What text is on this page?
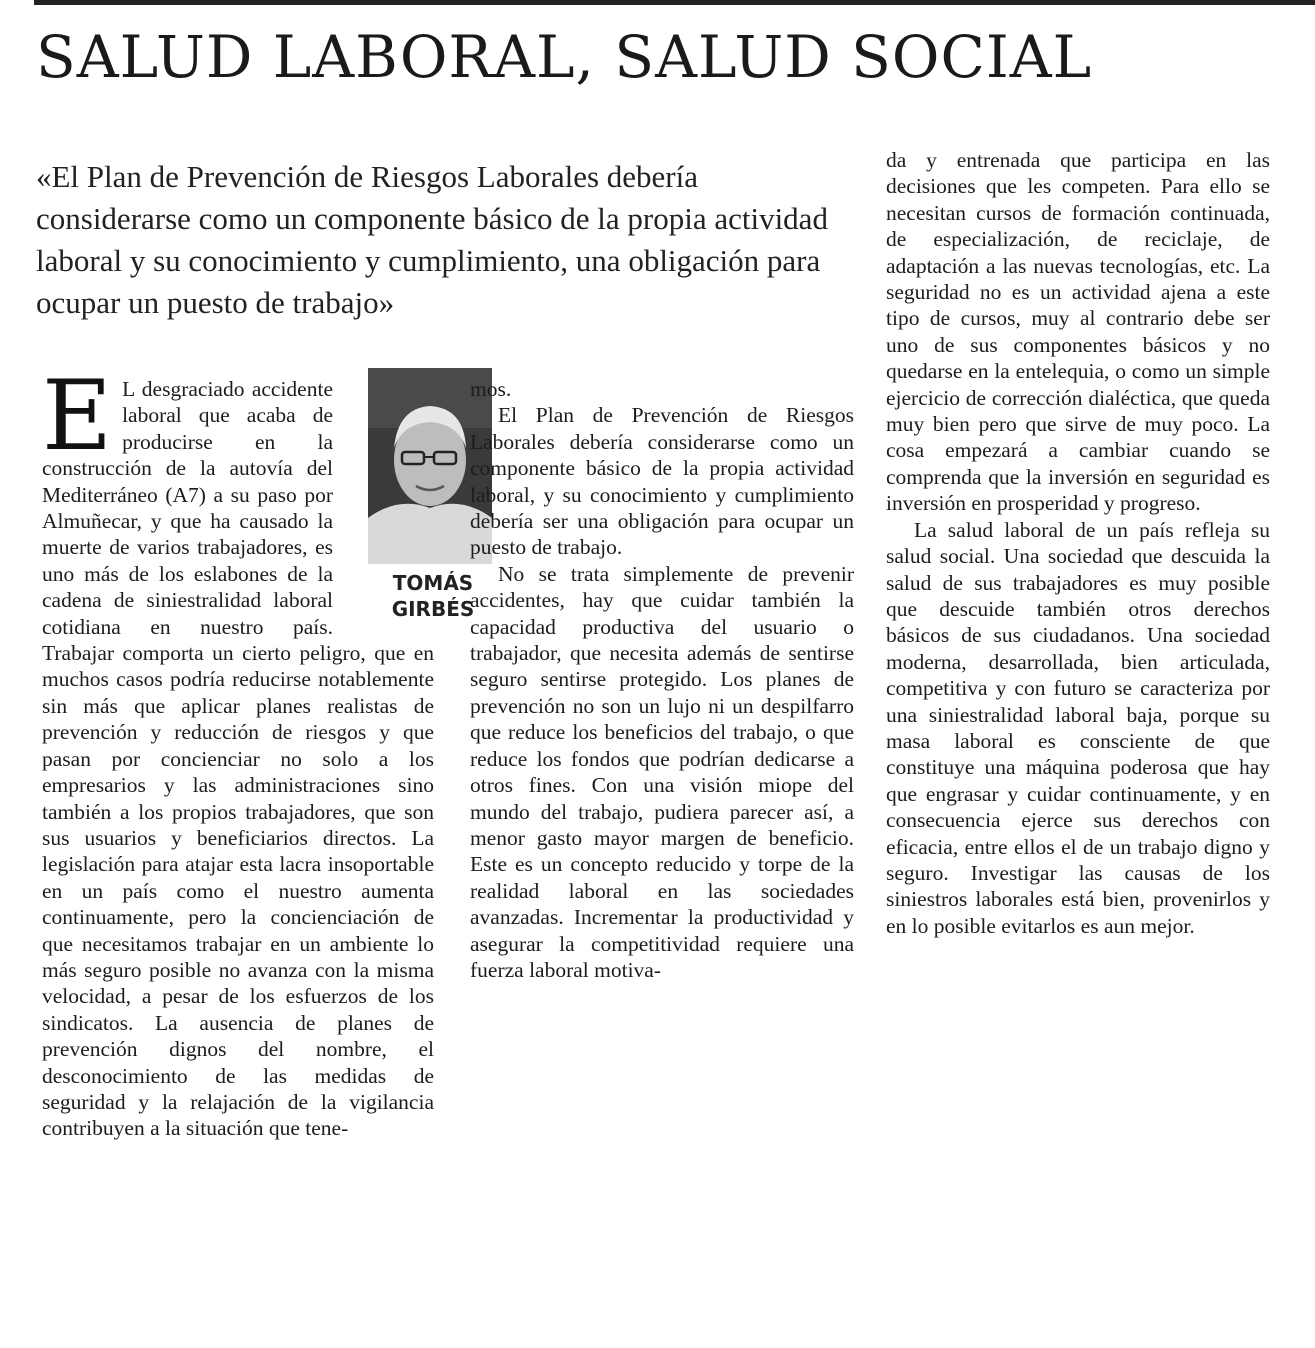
SALUD LABORAL, SALUD SOCIAL

«El Plan de Prevención de Riesgos Laborales debería considerarse como un componente básico de la propia actividad laboral y su conocimiento y cumplimiento, una obligación para ocupar un puesto de trabajo»

E L desgraciado accidente laboral que acaba de producirse en la construcción de la autovía del Mediterráneo (A7) a su paso por Almuñecar, y que ha causado la muerte de varios trabajadores, es uno más de los eslabones de la cadena de siniestralidad laboral cotidiana en nuestro país. Trabajar comporta un cierto peligro, que en muchos casos podría reducirse notablemente sin más que aplicar planes realistas de prevención y reducción de riesgos y que pasan por concienciar no solo a los empresarios y las administraciones sino también a los propios trabajadores, que son sus usuarios y beneficiarios directos. La legislación para atajar esta lacra insoportable en un país como el nuestro aumenta continuamente, pero la concienciación de que necesitamos trabajar en un ambiente lo más seguro posible no avanza con la misma velocidad, a pesar de los esfuerzos de los sindicatos. La ausencia de planes de prevención dignos del nombre, el desconocimiento de las medidas de seguridad y la relajación de la vigilancia contribuyen a la situación que tene-

TOMÁS
GIRBÉS

mos.

El Plan de Prevención de Riesgos Laborales debería considerarse como un componente básico de la propia actividad laboral, y su conocimiento y cumplimiento debería ser una obligación para ocupar un puesto de trabajo.

No se trata simplemente de prevenir accidentes, hay que cuidar también la capacidad productiva del usuario o trabajador, que necesita además de sentirse seguro sentirse protegido. Los planes de prevención no son un lujo ni un despilfarro que reduce los beneficios del trabajo, o que reduce los fondos que podrían dedicarse a otros fines. Con una visión miope del mundo del trabajo, pudiera parecer así, a menor gasto mayor margen de beneficio. Este es un concepto reducido y torpe de la realidad laboral en las sociedades avanzadas. Incrementar la productividad y asegurar la competitividad requiere una fuerza laboral motiva-

da y entrenada que participa en las decisiones que les competen. Para ello se necesitan cursos de formación continuada, de especialización, de reciclaje, de adaptación a las nuevas tecnologías, etc. La seguridad no es un actividad ajena a este tipo de cursos, muy al contrario debe ser uno de sus componentes básicos y no quedarse en la entelequia, o como un simple ejercicio de corrección dialéctica, que queda muy bien pero que sirve de muy poco. La cosa empezará a cambiar cuando se comprenda que la inversión en seguridad es inversión en prosperidad y progreso.

La salud laboral de un país refleja su salud social. Una sociedad que descuida la salud de sus trabajadores es muy posible que descuide también otros derechos básicos de sus ciudadanos. Una sociedad moderna, desarrollada, bien articulada, competitiva y con futuro se caracteriza por una siniestralidad laboral baja, porque su masa laboral es consciente de que constituye una máquina poderosa que hay que engrasar y cuidar continuamente, y en consecuencia ejerce sus derechos con eficacia, entre ellos el de un trabajo digno y seguro. Investigar las causas de los siniestros laborales está bien, provenirlos y en lo posible evitarlos es aun mejor.
